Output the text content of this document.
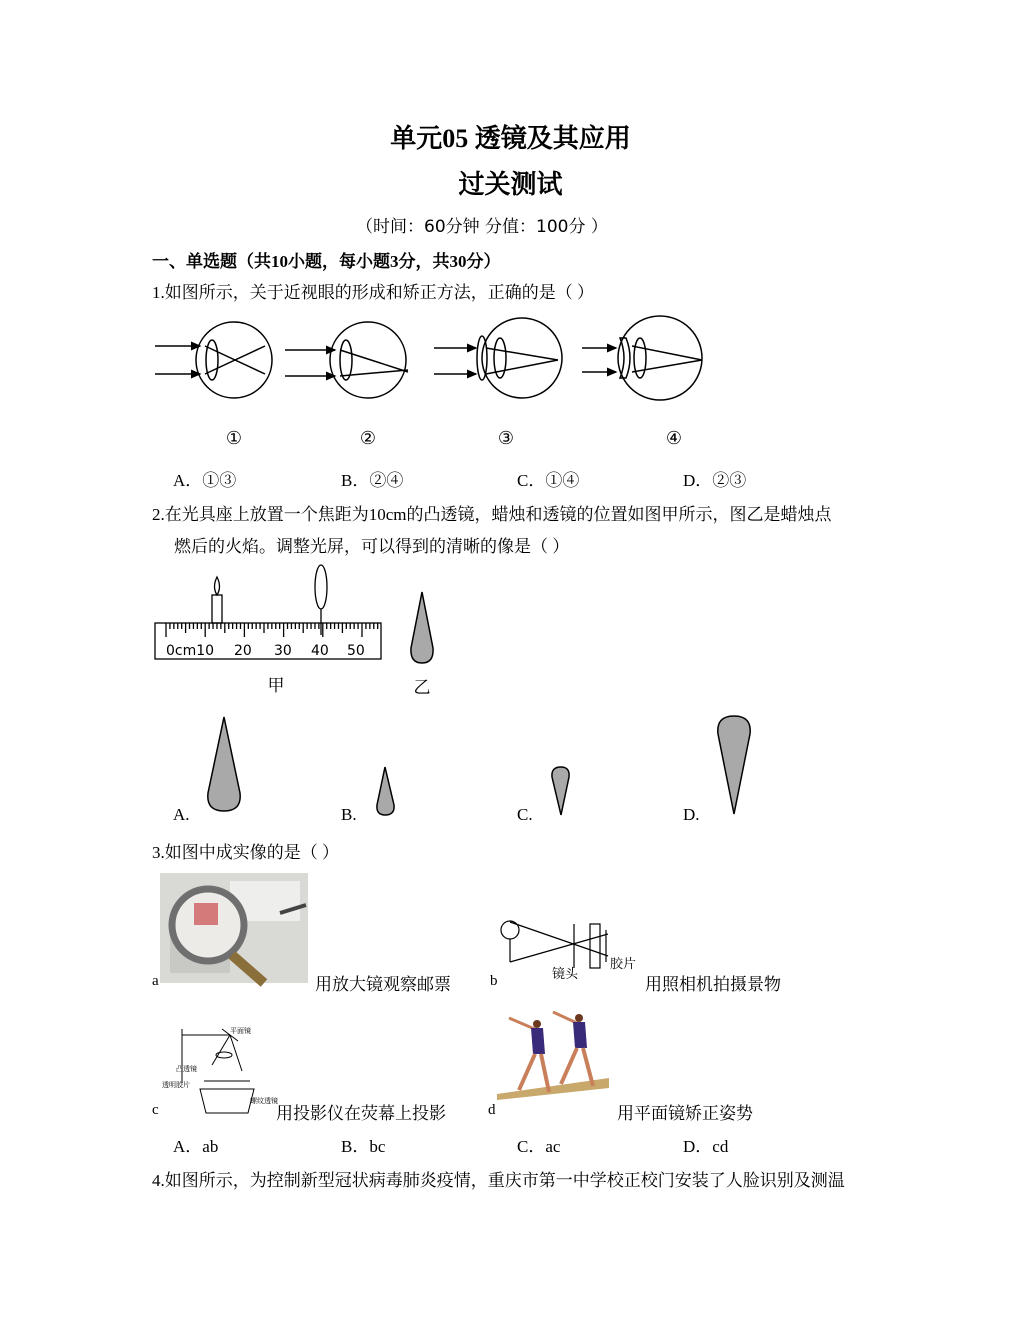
单元05 透镜及其应用
过关测试
（时间：60分钟 分值：100分 ）
一、单选题（共10小题，每小题3分，共30分）
1.如图所示，关于近视眼的形成和矫正方法，正确的是（ ）
①	②	③	④
A．①③	B．②④	C．①④	D．②③
2.在光具座上放置一个焦距为10cm的凸透镜，蜡烛和透镜的位置如图甲所示，图乙是蜡烛点
燃后的火焰。调整光屏，可以得到的清晰的像是（ ）
0cm10 20 30 40 50
甲	乙
A.	B.	C.	D.
3.如图中成实像的是（ ）
a	用放大镜观察邮票	b	镜头
胶片
用照相机拍摄景物
c
平面镜
凸透镜
透明胶片
螺纹透镜
用投影仪在荧幕上投影	d	用平面镜矫正姿势
A．ab	B．bc	C．ac	D．cd
4.如图所示，为控制新型冠状病毒肺炎疫情，重庆市第一中学校正校门安装了人脸识别及测温
